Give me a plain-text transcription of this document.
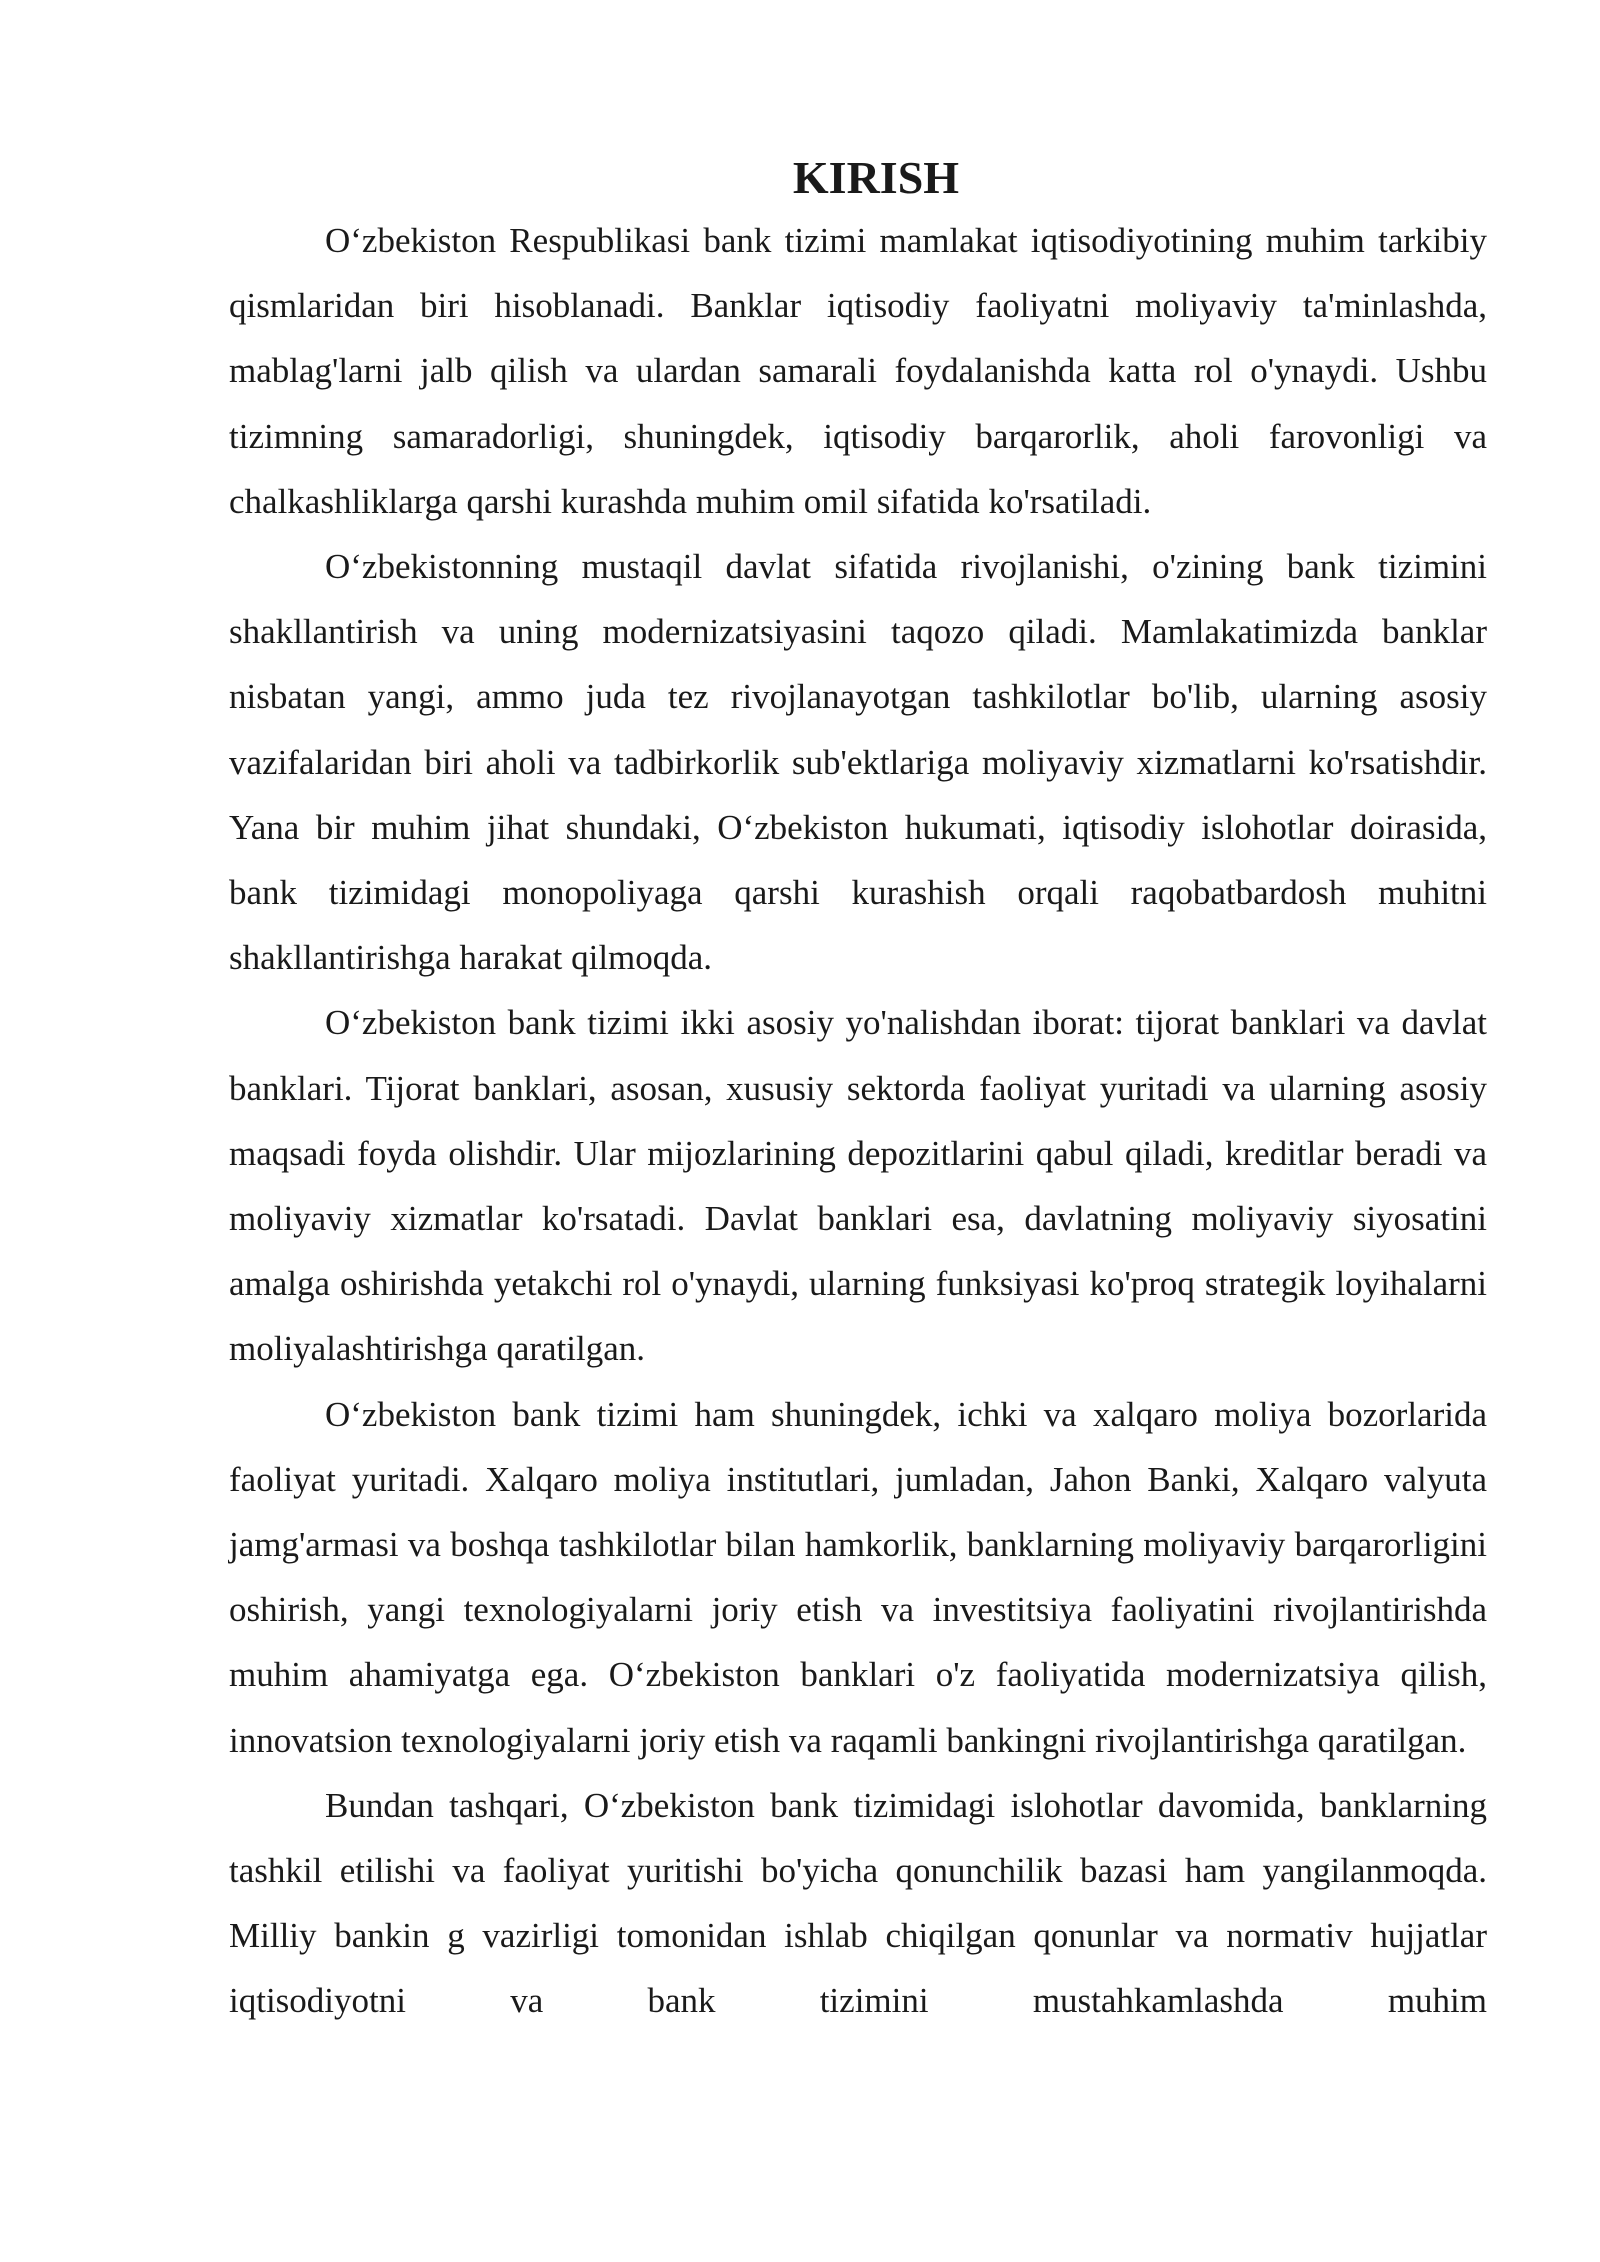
KIRISH

O‘zbekiston Respublikasi bank tizimi mamlakat iqtisodiyotining muhim tarkibiy qismlaridan biri hisoblanadi. Banklar iqtisodiy faoliyatni moliyaviy ta'minlashda, mablag'larni jalb qilish va ulardan samarali foydalanishda katta rol o'ynaydi. Ushbu tizimning samaradorligi, shuningdek, iqtisodiy barqarorlik, aholi farovonligi va chalkashliklarga qarshi kurashda muhim omil sifatida ko'rsatiladi.

O‘zbekistonning mustaqil davlat sifatida rivojlanishi, o'zining bank tizimini shakllantirish va uning modernizatsiyasini taqozo qiladi. Mamlakatimizda banklar nisbatan yangi, ammo juda tez rivojlanayotgan tashkilotlar bo'lib, ularning asosiy vazifalaridan biri aholi va tadbirkorlik sub'ektlariga moliyaviy xizmatlarni ko'rsatishdir. Yana bir muhim jihat shundaki, O‘zbekiston hukumati, iqtisodiy islohotlar doirasida, bank tizimidagi monopoliyaga qarshi kurashish orqali raqobatbardosh muhitni shakllantirishga harakat qilmoqda.

O‘zbekiston bank tizimi ikki asosiy yo'nalishdan iborat: tijorat banklari va davlat banklari. Tijorat banklari, asosan, xususiy sektorda faoliyat yuritadi va ularning asosiy maqsadi foyda olishdir. Ular mijozlarining depozitlarini qabul qiladi, kreditlar beradi va moliyaviy xizmatlar ko'rsatadi. Davlat banklari esa, davlatning moliyaviy siyosatini amalga oshirishda yetakchi rol o'ynaydi, ularning funksiyasi ko'proq strategik loyihalarni moliyalashtirishga qaratilgan.

O‘zbekiston bank tizimi ham shuningdek, ichki va xalqaro moliya bozorlarida faoliyat yuritadi. Xalqaro moliya institutlari, jumladan, Jahon Banki, Xalqaro valyuta jamg'armasi va boshqa tashkilotlar bilan hamkorlik, banklarning moliyaviy barqarorligini oshirish, yangi texnologiyalarni joriy etish va investitsiya faoliyatini rivojlantirishda muhim ahamiyatga ega. O‘zbekiston banklari o'z faoliyatida modernizatsiya qilish, innovatsion texnologiyalarni joriy etish va raqamli bankingni rivojlantirishga qaratilgan.

Bundan tashqari, O‘zbekiston bank tizimidagi islohotlar davomida, banklarning tashkil etilishi va faoliyat yuritishi bo'yicha qonunchilik bazasi ham yangilanmoqda. Milliy bankin g vazirligi tomonidan ishlab chiqilgan qonunlar va normativ hujjatlar iqtisodiyotni va bank tizimini mustahkamlashda muhim
